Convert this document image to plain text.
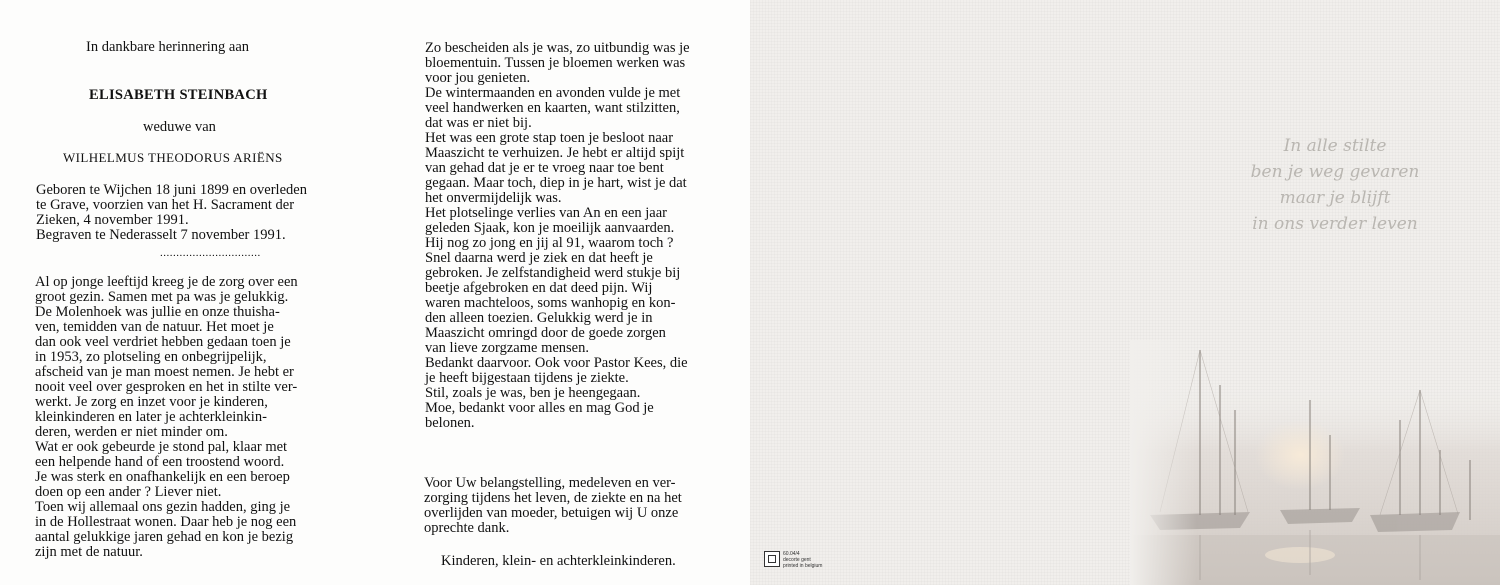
In dankbare herinnering aan
ELISABETH STEINBACH
weduwe van
WILHELMUS THEODORUS ARIËNS
Geboren te Wijchen 18 juni 1899 en overleden
te Grave, voorzien van het H. Sacrament der
Zieken, 4 november 1991.
Begraven te Nederasselt 7 november 1991.
...............................
Al op jonge leeftijd kreeg je de zorg over een
groot gezin. Samen met pa was je gelukkig.
De Molenhoek was jullie en onze thuisha-
ven, temidden van de natuur. Het moet je
dan ook veel verdriet hebben gedaan toen je
in 1953, zo plotseling en onbegrijpelijk,
afscheid van je man moest nemen. Je hebt er
nooit veel over gesproken en het in stilte ver-
werkt. Je zorg en inzet voor je kinderen,
kleinkinderen en later je achterkleinkin-
deren, werden er niet minder om.
Wat er ook gebeurde je stond pal, klaar met
een helpende hand of een troostend woord.
Je was sterk en onafhankelijk en een beroep
doen op een ander ? Liever niet.
Toen wij allemaal ons gezin hadden, ging je
in de Hollestraat wonen. Daar heb je nog een
aantal gelukkige jaren gehad en kon je bezig
zijn met de natuur.
Zo bescheiden als je was, zo uitbundig was je
bloementuin. Tussen je bloemen werken was
voor jou genieten.
De wintermaanden en avonden vulde je met
veel handwerken en kaarten, want stilzitten,
dat was er niet bij.
Het was een grote stap toen je besloot naar
Maaszicht te verhuizen. Je hebt er altijd spijt
van gehad dat je er te vroeg naar toe bent
gegaan. Maar toch, diep in je hart, wist je dat
het onvermijdelijk was.
Het plotselinge verlies van An en een jaar
geleden Sjaak, kon je moeilijk aanvaarden.
Hij nog zo jong en jij al 91, waarom toch ?
Snel daarna werd je ziek en dat heeft je
gebroken. Je zelfstandigheid werd stukje bij
beetje afgebroken en dat deed pijn. Wij
waren machteloos, soms wanhopig en kon-
den alleen toezien. Gelukkig werd je in
Maaszicht omringd door de goede zorgen
van lieve zorgzame mensen.
Bedankt daarvoor. Ook voor Pastor Kees, die
je heeft bijgestaan tijdens je ziekte.
Stil, zoals je was, ben je heengegaan.
Moe, bedankt voor alles en mag God je
belonen.
Voor Uw belangstelling, medeleven en ver-
zorging tijdens het leven, de ziekte en na het
overlijden van moeder, betuigen wij U onze
oprechte dank.
Kinderen, klein- en achterkleinkinderen.
In alle stilte
ben je weg gevaren
maar je blijft
in ons verder leven
60.04/4
decorte gent
printed in belgium
